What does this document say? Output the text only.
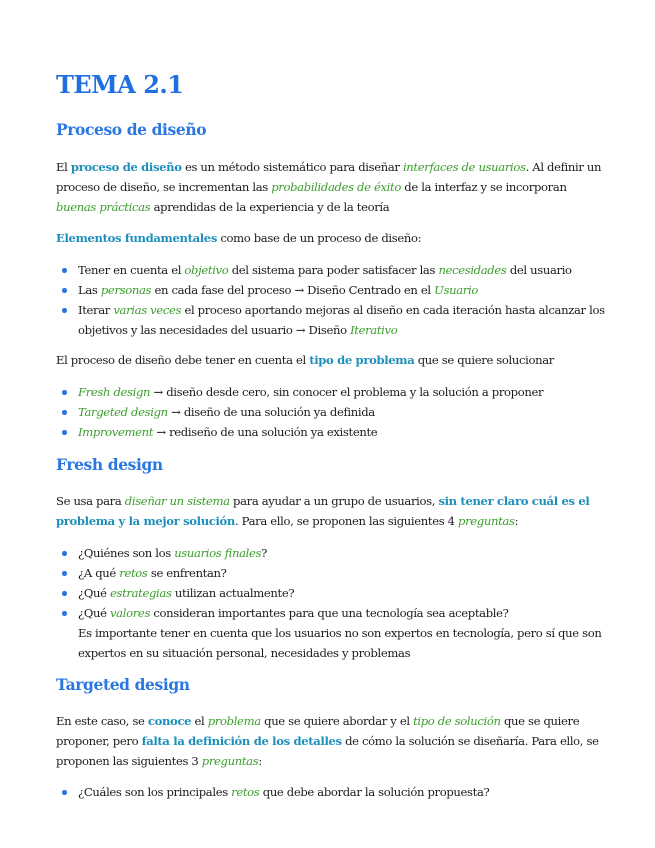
TEMA 2.1
Proceso de diseño

El proceso de diseño es un método sistemático para diseñar interfaces de usuarios. Al definir un proceso de diseño, se incrementan las probabilidades de éxito de la interfaz y se incorporan buenas prácticas aprendidas de la experiencia y de la teoría

Elementos fundamentales como base de un proceso de diseño:

Tener en cuenta el objetivo del sistema para poder satisfacer las necesidades del usuario
Las personas en cada fase del proceso → Diseño Centrado en el Usuario
Iterar varias veces el proceso aportando mejoras al diseño en cada iteración hasta alcanzar los objetivos y las necesidades del usuario → Diseño Iterativo

El proceso de diseño debe tener en cuenta el tipo de problema que se quiere solucionar

Fresh design → diseño desde cero, sin conocer el problema y la solución a proponer
Targeted design → diseño de una solución ya definida
Improvement → rediseño de una solución ya existente
Fresh design

Se usa para diseñar un sistema para ayudar a un grupo de usuarios, sin tener claro cuál es el problema y la mejor solución. Para ello, se proponen las siguientes 4 preguntas:

¿Quiénes son los usuarios finales?
¿A qué retos se enfrentan?
¿Qué estrategias utilizan actualmente?
¿Qué valores consideran importantes para que una tecnología sea aceptable?
Es importante tener en cuenta que los usuarios no son expertos en tecnología, pero sí que son expertos en su situación personal, necesidades y problemas
Targeted design

En este caso, se conoce el problema que se quiere abordar y el tipo de solución que se quiere proponer, pero falta la definición de los detalles de cómo la solución se diseñaría. Para ello, se proponen las siguientes 3 preguntas:

¿Cuáles son los principales retos que debe abordar la solución propuesta?
